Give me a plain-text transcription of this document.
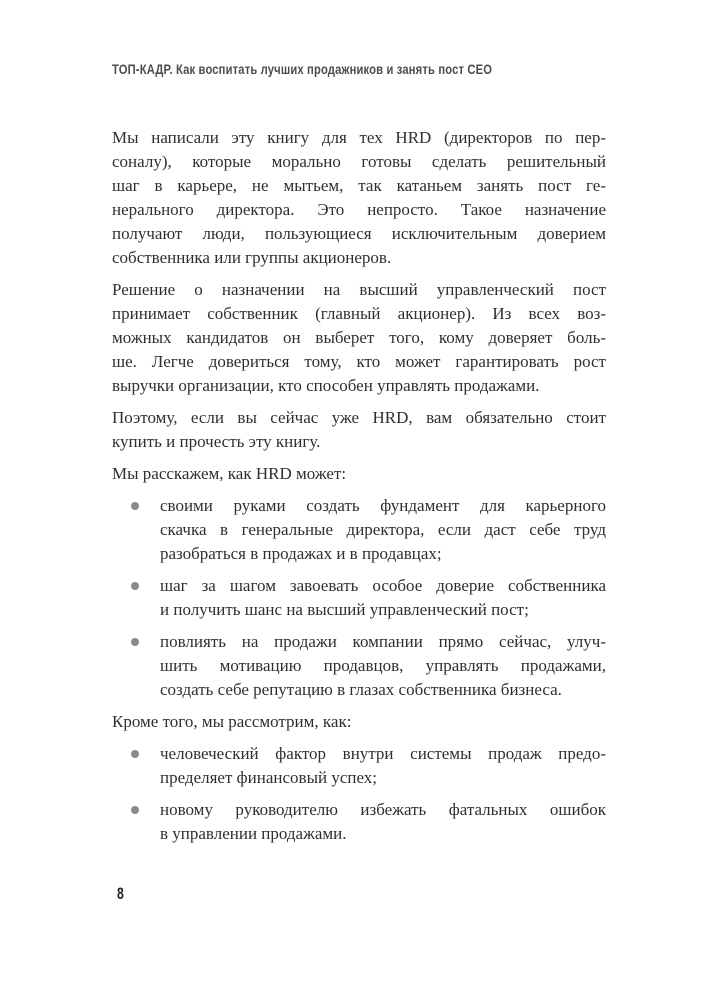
ТОП-КАДР. Как воспитать лучших продажников и занять пост СЕО
Мы написали эту книгу для тех HRD (директоров по пер-
соналу), которые морально готовы сделать решительный
шаг в карьере, не мытьем, так катаньем занять пост ге-
нерального директора. Это непросто. Такое назначение
получают люди, пользующиеся исключительным доверием
собственника или группы акционеров.
Решение о назначении на высший управленческий пост
принимает собственник (главный акционер). Из всех воз-
можных кандидатов он выберет того, кому доверяет боль-
ше. Легче довериться тому, кто может гарантировать рост
выручки организации, кто способен управлять продажами.
Поэтому, если вы сейчас уже HRD, вам обязательно стоит
купить и прочесть эту книгу.
Мы расскажем, как HRD может:
своими руками создать фундамент для карьерного
скачка в генеральные директора, если даст себе труд
разобраться в продажах и в продавцах;
шаг за шагом завоевать особое доверие собственника
и получить шанс на высший управленческий пост;
повлиять на продажи компании прямо сейчас, улуч-
шить мотивацию продавцов, управлять продажами,
создать себе репутацию в глазах собственника бизнеса.
Кроме того, мы рассмотрим, как:
человеческий фактор внутри системы продаж предо-
пределяет финансовый успех;
новому руководителю избежать фатальных ошибок
в управлении продажами.
8
